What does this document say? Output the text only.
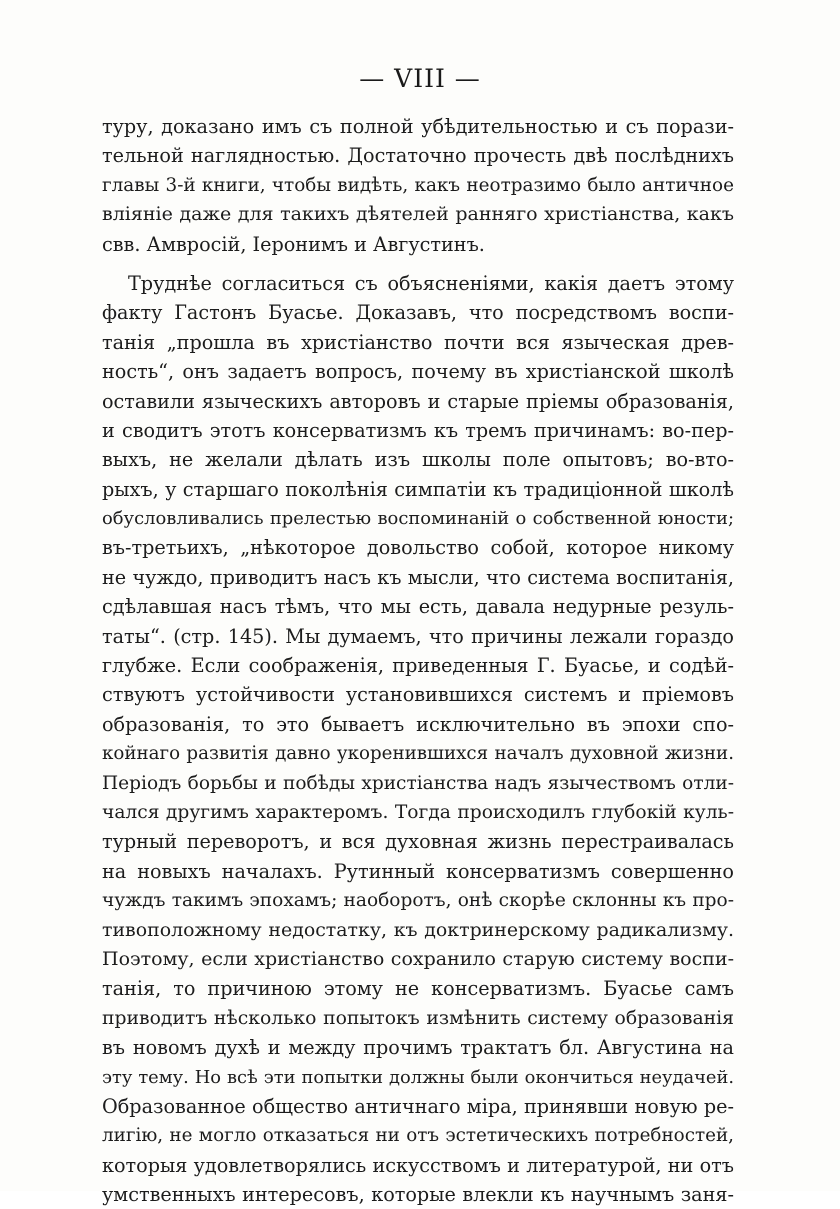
— VIII —
туру, доказано имъ съ полной убѣдительностью и съ порази-
тельной наглядностью. Достаточно прочесть двѣ послѣднихъ
главы 3-й книги, чтобы видѣть, какъ неотразимо было античное
вліяніе даже для такихъ дѣятелей ранняго христіанства, какъ
свв. Амвросій, Іеронимъ и Августинъ.
Труднѣе согласиться съ объясненіями, какія даетъ этому
факту Гастонъ Буасье. Доказавъ, что посредствомъ воспи-
танія „прошла въ христіанство почти вся языческая древ-
ность“, онъ задаетъ вопросъ, почему въ христіанской школѣ
оставили языческихъ авторовъ и старые пріемы образованія,
и сводитъ этотъ консерватизмъ къ тремъ причинамъ: во-пер-
выхъ, не желали дѣлать изъ школы поле опытовъ; во-вто-
рыхъ, у старшаго поколѣнія симпатіи къ традиціонной школѣ
обусловливались прелестью воспоминаній о собственной юности;
въ-третьихъ, „нѣкоторое довольство собой, которое никому
не чуждо, приводитъ насъ къ мысли, что система воспитанія,
сдѣлавшая насъ тѣмъ, что мы есть, давала недурные резуль-
таты“. (стр. 145). Мы думаемъ, что причины лежали гораздо
глубже. Если соображенія, приведенныя Г. Буасье, и содѣй-
ствуютъ устойчивости установившихся системъ и пріемовъ
образованія, то это бываетъ исключительно въ эпохи спо-
койнаго развитія давно укоренившихся началъ духовной жизни.
Періодъ борьбы и побѣды христіанства надъ язычествомъ отли-
чался другимъ характеромъ. Тогда происходилъ глубокій куль-
турный переворотъ, и вся духовная жизнь перестраивалась
на новыхъ началахъ. Рутинный консерватизмъ совершенно
чуждъ такимъ эпохамъ; наоборотъ, онѣ скорѣе склонны къ про-
тивоположному недостатку, къ доктринерскому радикализму.
Поэтому, если христіанство сохранило старую систему воспи-
танія, то причиною этому не консерватизмъ. Буасье самъ
приводитъ нѣсколько попытокъ измѣнить систему образованія
въ новомъ духѣ и между прочимъ трактатъ бл. Августина на
эту тему. Но всѣ эти попытки должны были окончиться неудачей.
Образованное общество античнаго міра, принявши новую ре-
лигію, не могло отказаться ни отъ эстетическихъ потребностей,
которыя удовлетворялись искусствомъ и литературой, ни отъ
умственныхъ интересовъ, которые влекли къ научнымъ заня-
